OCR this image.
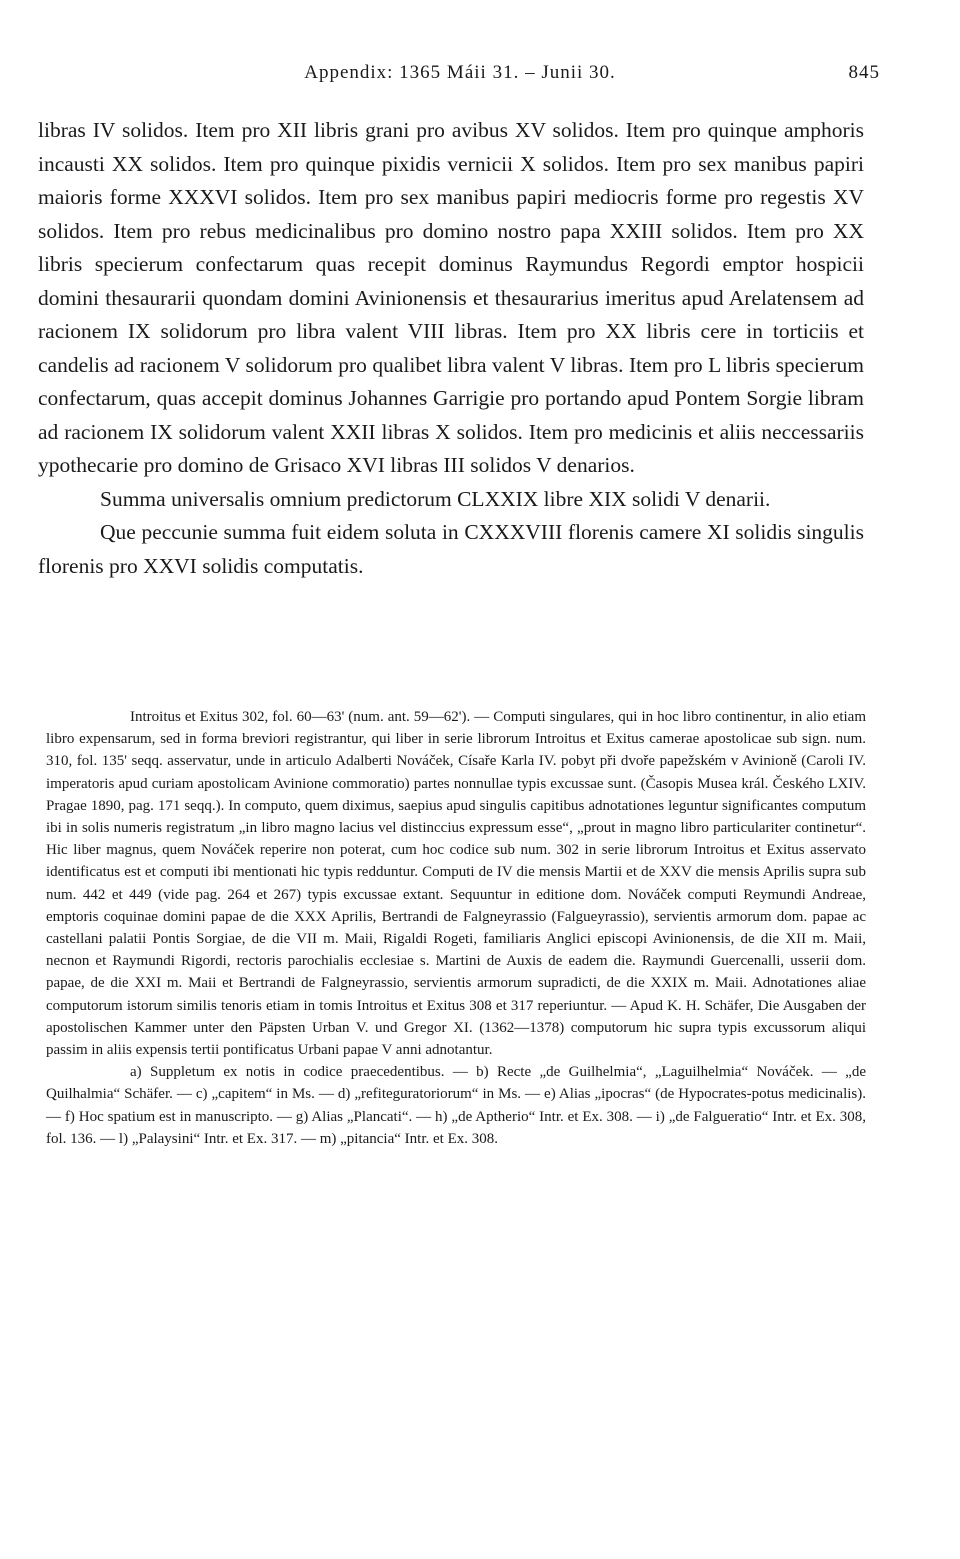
Appendix: 1365 Máii 31. – Junii 30.	845

libras IV solidos. Item pro XII libris grani pro avibus XV solidos. Item pro quinque amphoris incausti XX solidos. Item pro quinque pixidis vernicii X solidos. Item pro sex manibus papiri maioris forme XXXVI solidos. Item pro sex manibus papiri mediocris forme pro regestis XV solidos. Item pro rebus medicinalibus pro domino nostro papa XXIII solidos. Item pro XX libris specierum confectarum quas recepit dominus Raymundus Regordi emptor hospicii domini thesaurarii quondam domini Avinionensis et thesaurarius imeritus apud Arelatensem ad racionem IX solidorum pro libra valent VIII libras. Item pro XX libris cere in torticiis et candelis ad racionem V solidorum pro qualibet libra valent V libras. Item pro L libris specierum confectarum, quas accepit dominus Johannes Garrigie pro portando apud Pontem Sorgie libram ad racionem IX solidorum valent XXII libras X solidos. Item pro medicinis et aliis neccessariis ypothecarie pro domino de Grisaco XVI libras III solidos V denarios.

Summa universalis omnium predictorum CLXXIX libre XIX solidi V denarii.

Que peccunie summa fuit eidem soluta in CXXXVIII florenis camere XI solidis singulis florenis pro XXVI solidis computatis.

Introitus et Exitus 302, fol. 60—63' (num. ant. 59—62'). — Computi singulares, qui in hoc libro continentur, in alio etiam libro expensarum, sed in forma breviori registrantur, qui liber in serie librorum Introitus et Exitus camerae apostolicae sub sign. num. 310, fol. 135' seqq. asservatur, unde in articulo Adalberti Nováček, Císaře Karla IV. pobyt při dvoře papežském v Avinioně (Caroli IV. imperatoris apud curiam apostolicam Avinione commoratio) partes nonnullae typis excussae sunt. (Časopis Musea král. Českého LXIV. Pragae 1890, pag. 171 seqq.). In computo, quem diximus, saepius apud singulis capitibus adnotationes leguntur significantes computum ibi in solis numeris registratum „in libro magno lacius vel distinccius expressum esse“, „prout in magno libro particulariter continetur“. Hic liber magnus, quem Nováček reperire non poterat, cum hoc codice sub num. 302 in serie librorum Introitus et Exitus asservato identificatus est et computi ibi mentionati hic typis redduntur. Computi de IV die mensis Martii et de XXV die mensis Aprilis supra sub num. 442 et 449 (vide pag. 264 et 267) typis excussae extant. Sequuntur in editione dom. Nováček computi Reymundi Andreae, emptoris coquinae domini papae de die XXX Aprilis, Bertrandi de Falgneyrassio (Falgueyrassio), servientis armorum dom. papae ac castellani palatii Pontis Sorgiae, de die VII m. Maii, Rigaldi Rogeti, familiaris Anglici episcopi Avinionensis, de die XII m. Maii, necnon et Raymundi Rigordi, rectoris parochialis ecclesiae s. Martini de Auxis de eadem die. Raymundi Guercenalli, usserii dom. papae, de die XXI m. Maii et Bertrandi de Falgneyrassio, servientis armorum supradicti, de die XXIX m. Maii. Adnotationes aliae computorum istorum similis tenoris etiam in tomis Introitus et Exitus 308 et 317 reperiuntur. — Apud K. H. Schäfer, Die Ausgaben der apostolischen Kammer unter den Päpsten Urban V. und Gregor XI. (1362—1378) computorum hic supra typis excussorum aliqui passim in aliis expensis tertii pontificatus Urbani papae V anni adnotantur.

a) Suppletum ex notis in codice praecedentibus. — b) Recte „de Guilhelmia“, „Laguilhelmia“ Nováček. — „de Quilhalmia“ Schäfer. — c) „capitem“ in Ms. — d) „refiteguratoriorum“ in Ms. — e) Alias „ipocras“ (de Hypocrates-potus medicinalis). — f) Hoc spatium est in manuscripto. — g) Alias „Plancati“. — h) „de Aptherio“ Intr. et Ex. 308. — i) „de Falgueratio“ Intr. et Ex. 308, fol. 136. — l) „Palaysini“ Intr. et Ex. 317. — m) „pitancia“ Intr. et Ex. 308.
